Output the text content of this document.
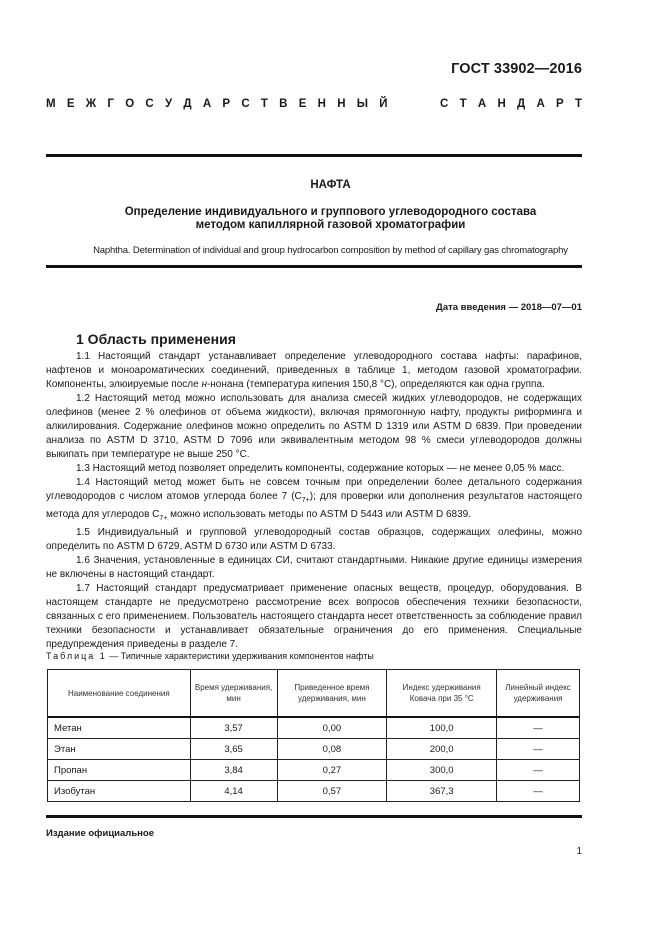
ГОСТ 33902—2016
М Е Ж Г О С У Д А Р С Т В Е Н Н Ы Й	С Т А Н Д А Р Т
НАФТА
Определение индивидуального и группового углеводородного состава
методом капиллярной газовой хроматографии
Naphtha. Determination of individual and group hydrocarbon composition by method of capillary gas chromatography
Дата введения — 2018—07—01
1 Область применения

1.1 Настоящий стандарт устанавливает определение углеводородного состава нафты: парафинов, нафтенов и моноароматических соединений, приведенных в таблице 1, методом газовой хроматографии. Компоненты, элюируемые после н-нонана (температура кипения 150,8 °С), определяются как одна группа.

1.2 Настоящий метод можно использовать для анализа смесей жидких углеводородов, не содержащих олефинов (менее 2 % олефинов от объема жидкости), включая прямогонную нафту, продукты риформинга и алкилирования. Содержание олефинов можно определить по ASTM D 1319 или ASTM D 6839. При проведении анализа по ASTM D 3710, ASTM D 7096 или эквивалентным методом 98 % смеси углеводородов должны выкипать при температуре не выше 250 °С.

1.3 Настоящий метод позволяет определить компоненты, содержание которых — не менее 0,05 % масс.

1.4 Настоящий метод может быть не совсем точным при определении более детального содержания углеводородов с числом атомов углерода более 7 $(С_{7+})$; для проверки или дополнения результатов настоящего метода для углеродов $С_{7+}$ можно использовать методы по ASTM D 5443 или ASTM D 6839.

1.5 Индивидуальный и групповой углеводородный состав образцов, содержащих олефины, можно определить по ASTM D 6729, ASTM D 6730 или ASTM D 6733.

1.6 Значения, установленные в единицах СИ, считают стандартными. Никакие другие единицы измерения не включены в настоящий стандарт.

1.7 Настоящий стандарт предусматривает применение опасных веществ, процедур, оборудования. В настоящем стандарте не предусмотрено рассмотрение всех вопросов обеспечения техники безопасности, связанных с его применением. Пользователь настоящего стандарта несет ответственность за соблюдение правил техники безопасности и устанавливает обязательные ограничения до его применения. Специальные предупреждения приведены в разделе 7.

Таблица 1 — Типичные характеристики удерживания компонентов нафты
Наименование соединения	Время удерживания, мин	Приведенное время удерживания, мин	Индекс удерживания Ковача при 35 °С	Линейный индекс удерживания
Метан	3,57	0,00	100,0	—
Этан	3,65	0,08	200,0	—
Пропан	3,84	0,27	300,0	—
Изобутан	4,14	0,57	367,3	—
Издание официальное
1
